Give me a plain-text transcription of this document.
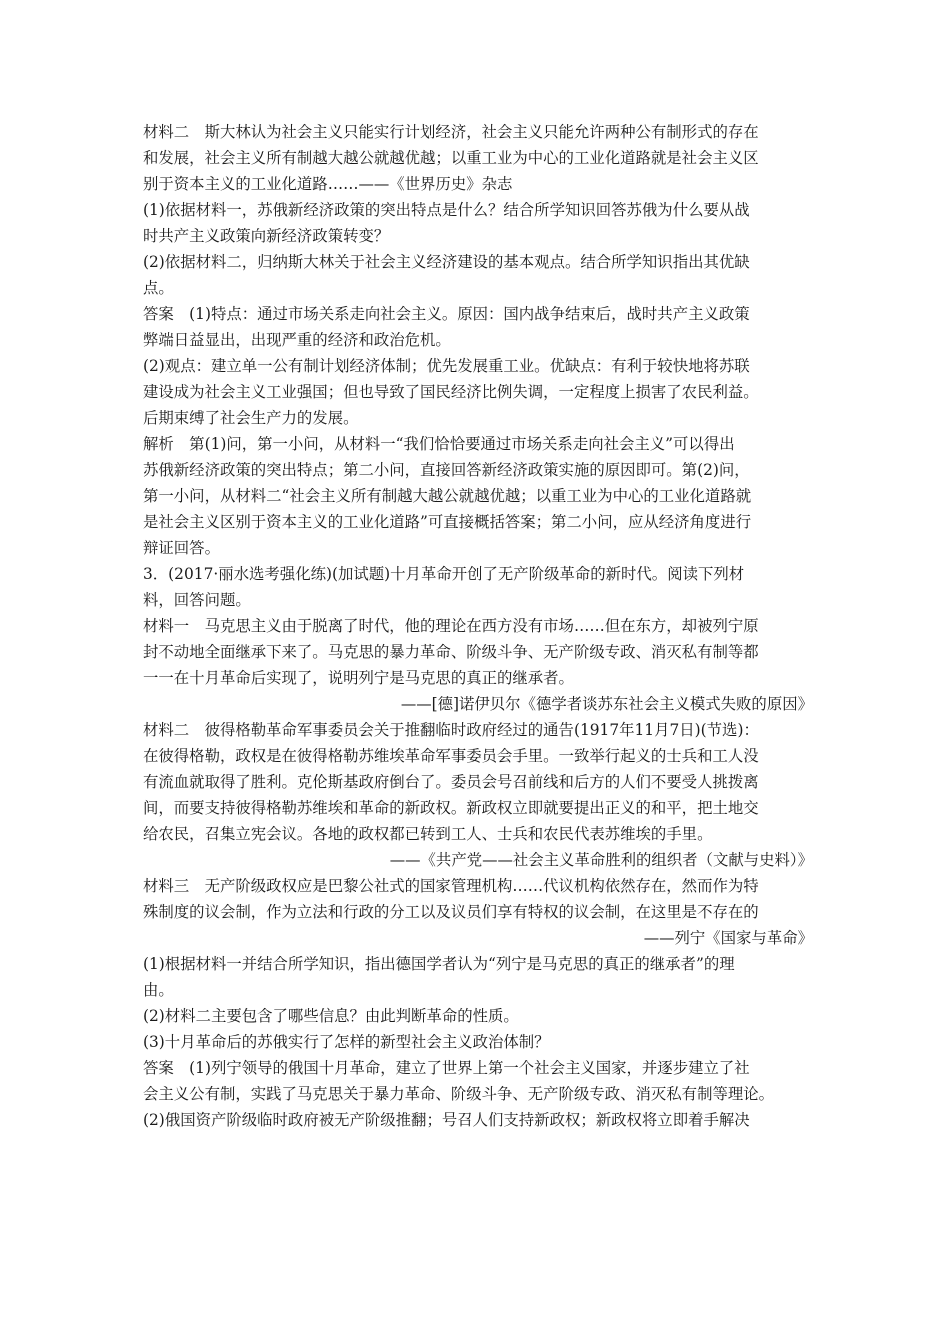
材料二　斯大林认为社会主义只能实行计划经济，社会主义只能允许两种公有制形式的存在
和发展，社会主义所有制越大越公就越优越；以重工业为中心的工业化道路就是社会主义区
别于资本主义的工业化道路……——《世界历史》杂志
(1)依据材料一，苏俄新经济政策的突出特点是什么？结合所学知识回答苏俄为什么要从战
时共产主义政策向新经济政策转变？
(2)依据材料二，归纳斯大林关于社会主义经济建设的基本观点。结合所学知识指出其优缺
点。
答案　(1)特点：通过市场关系走向社会主义。原因：国内战争结束后，战时共产主义政策
弊端日益显出，出现严重的经济和政治危机。
(2)观点：建立单一公有制计划经济体制；优先发展重工业。优缺点：有利于较快地将苏联
建设成为社会主义工业强国；但也导致了国民经济比例失调，一定程度上损害了农民利益。
后期束缚了社会生产力的发展。
解析　第(1)问，第一小问，从材料一“我们恰恰要通过市场关系走向社会主义”可以得出
苏俄新经济政策的突出特点；第二小问，直接回答新经济政策实施的原因即可。第(2)问，
第一小问，从材料二“社会主义所有制越大越公就越优越；以重工业为中心的工业化道路就
是社会主义区别于资本主义的工业化道路”可直接概括答案；第二小问，应从经济角度进行
辩证回答。
3．(2017·丽水选考强化练)(加试题)十月革命开创了无产阶级革命的新时代。阅读下列材
料，回答问题。
材料一　马克思主义由于脱离了时代，他的理论在西方没有市场……但在东方，却被列宁原
封不动地全面继承下来了。马克思的暴力革命、阶级斗争、无产阶级专政、消灭私有制等都
一一在十月革命后实现了，说明列宁是马克思的真正的继承者。
——[德]诺伊贝尔《德学者谈苏东社会主义模式失败的原因》
材料二　彼得格勒革命军事委员会关于推翻临时政府经过的通告(1917年11月7日)(节选)：
在彼得格勒，政权是在彼得格勒苏维埃革命军事委员会手里。一致举行起义的士兵和工人没
有流血就取得了胜利。克伦斯基政府倒台了。委员会号召前线和后方的人们不要受人挑拨离
间，而要支持彼得格勒苏维埃和革命的新政权。新政权立即就要提出正义的和平，把土地交
给农民，召集立宪会议。各地的政权都已转到工人、士兵和农民代表苏维埃的手里。
——《共产党——社会主义革命胜利的组织者（文献与史料）》
材料三　无产阶级政权应是巴黎公社式的国家管理机构……代议机构依然存在，然而作为特
殊制度的议会制，作为立法和行政的分工以及议员们享有特权的议会制，在这里是不存在的
——列宁《国家与革命》
(1)根据材料一并结合所学知识，指出德国学者认为“列宁是马克思的真正的继承者”的理
由。
(2)材料二主要包含了哪些信息？由此判断革命的性质。
(3)十月革命后的苏俄实行了怎样的新型社会主义政治体制？
答案　(1)列宁领导的俄国十月革命，建立了世界上第一个社会主义国家，并逐步建立了社
会主义公有制，实践了马克思关于暴力革命、阶级斗争、无产阶级专政、消灭私有制等理论。
(2)俄国资产阶级临时政府被无产阶级推翻；号召人们支持新政权；新政权将立即着手解决
